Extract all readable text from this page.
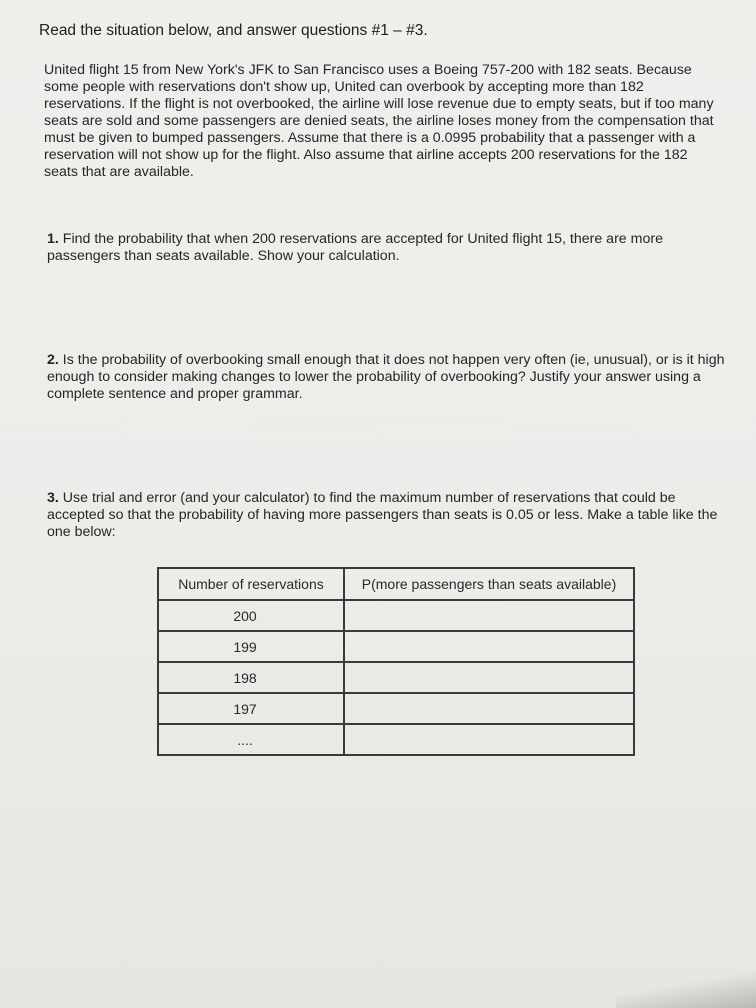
Read the situation below, and answer questions #1 – #3.
United flight 15 from New York's JFK to San Francisco uses a Boeing 757-200 with 182 seats. Because some people with reservations don't show up, United can overbook by accepting more than 182 reservations. If the flight is not overbooked, the airline will lose revenue due to empty seats, but if too many seats are sold and some passengers are denied seats, the airline loses money from the compensation that must be given to bumped passengers. Assume that there is a 0.0995 probability that a passenger with a reservation will not show up for the flight. Also assume that airline accepts 200 reservations for the 182 seats that are available.
1. Find the probability that when 200 reservations are accepted for United flight 15, there are more passengers than seats available. Show your calculation.
2. Is the probability of overbooking small enough that it does not happen very often (ie, unusual), or is it high enough to consider making changes to lower the probability of overbooking? Justify your answer using a complete sentence and proper grammar.
3. Use trial and error (and your calculator) to find the maximum number of reservations that could be accepted so that the probability of having more passengers than seats is 0.05 or less. Make a table like the one below:
Number of reservations	P(more passengers than seats available)
200	
199	
198	
197	
....	
